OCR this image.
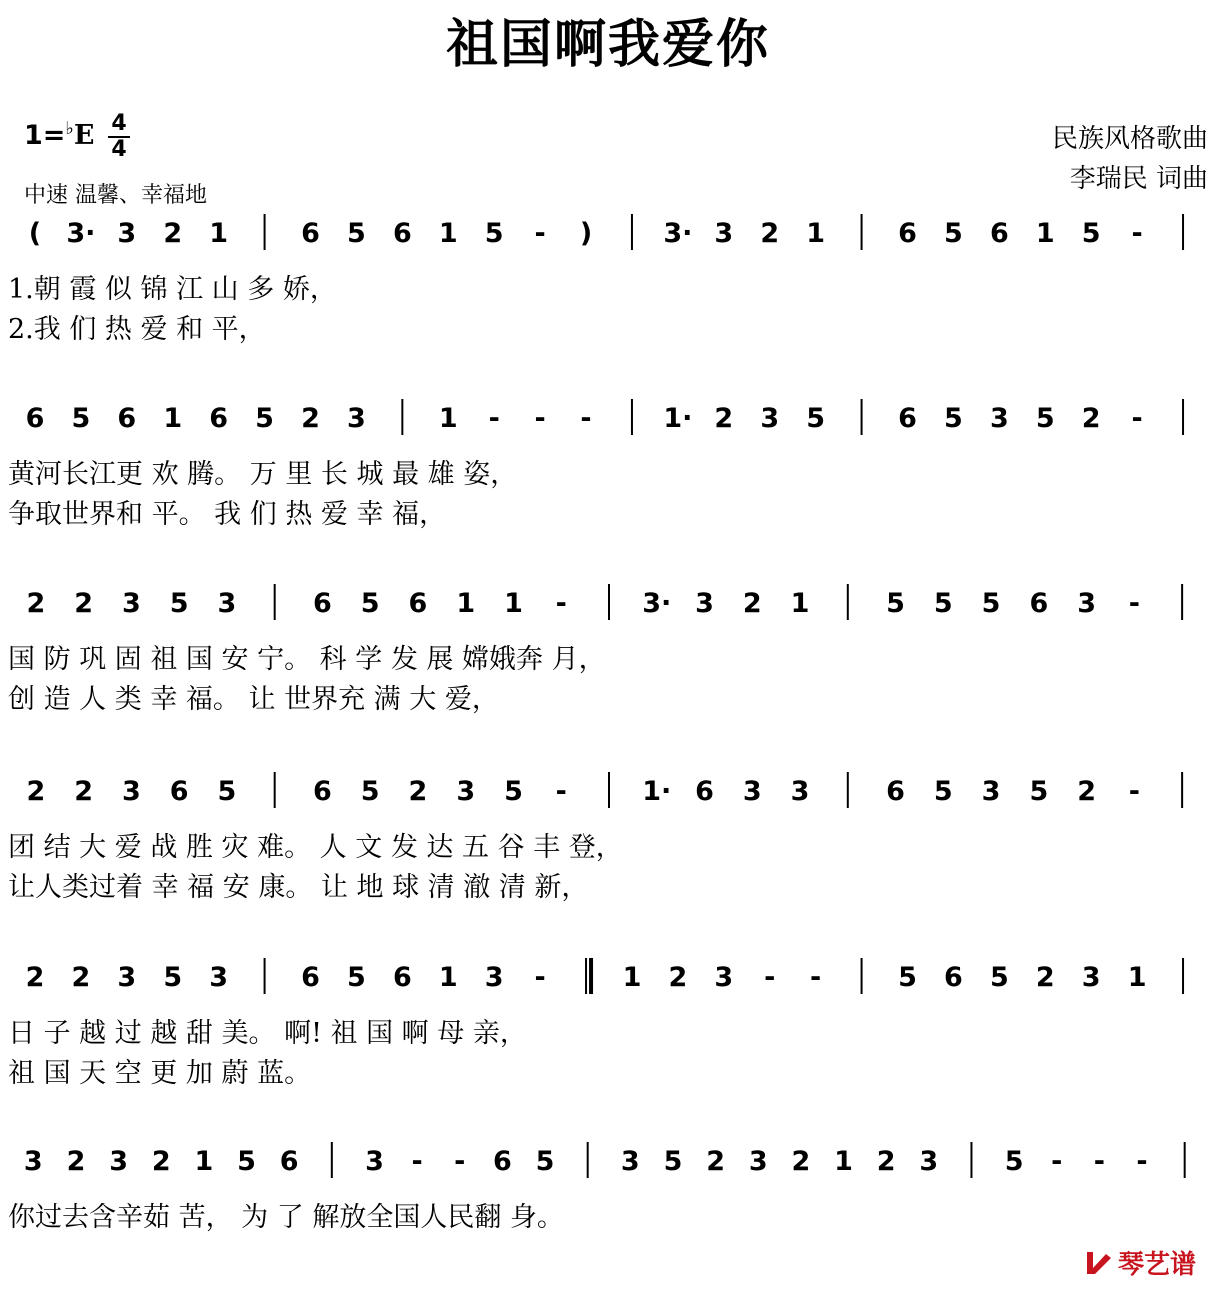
祖国啊我爱你
1=♭E 4
4
中速 温馨、幸福地
民族风格歌曲
李瑞民 词曲
( 3· 3 2 1	6 5 6 1 5 - )	3· 3 2 1	6 5 6 1 5 -
1.朝 霞 似 锦 江 山 多 娇，
2.我 们 热 爱 和 平，
6 5 6 1 6 5 2 3	1 - - -	1· 2 3 5	6 5 3 5 2 -
黄河长江更 欢 腾。 万 里 长 城 最 雄 姿，
争取世界和 平。 我 们 热 爱 幸 福，
2 2 3 5 3	6 5 6 1 1 -	3· 3 2 1	5 5 5 6 3 -
国 防 巩 固 祖 国 安 宁。 科 学 发 展 嫦娥奔 月，
创 造 人 类 幸 福。 让 世界充 满 大 爱，
2 2 3 6 5	6 5 2 3 5 -	1· 6 3 3	6 5 3 5 2 -
团 结 大 爱 战 胜 灾 难。 人 文 发 达 五 谷 丰 登，
让人类过着 幸 福 安 康。 让 地 球 清 澈 清 新，
2 2 3 5 3	6 5 6 1 3 -	1 2 3 - -	5 6 5 2 3 1
日 子 越 过 越 甜 美。 啊! 祖 国 啊 母 亲，
祖 国 天 空 更 加 蔚 蓝。
3 2 3 2 1 5 6 3 - - 6 5 3 5 2 3 2 1 2 3 5 - - -
你过去含辛茹 苦， 为 了 解放全国人民翻 身。
琴艺谱
